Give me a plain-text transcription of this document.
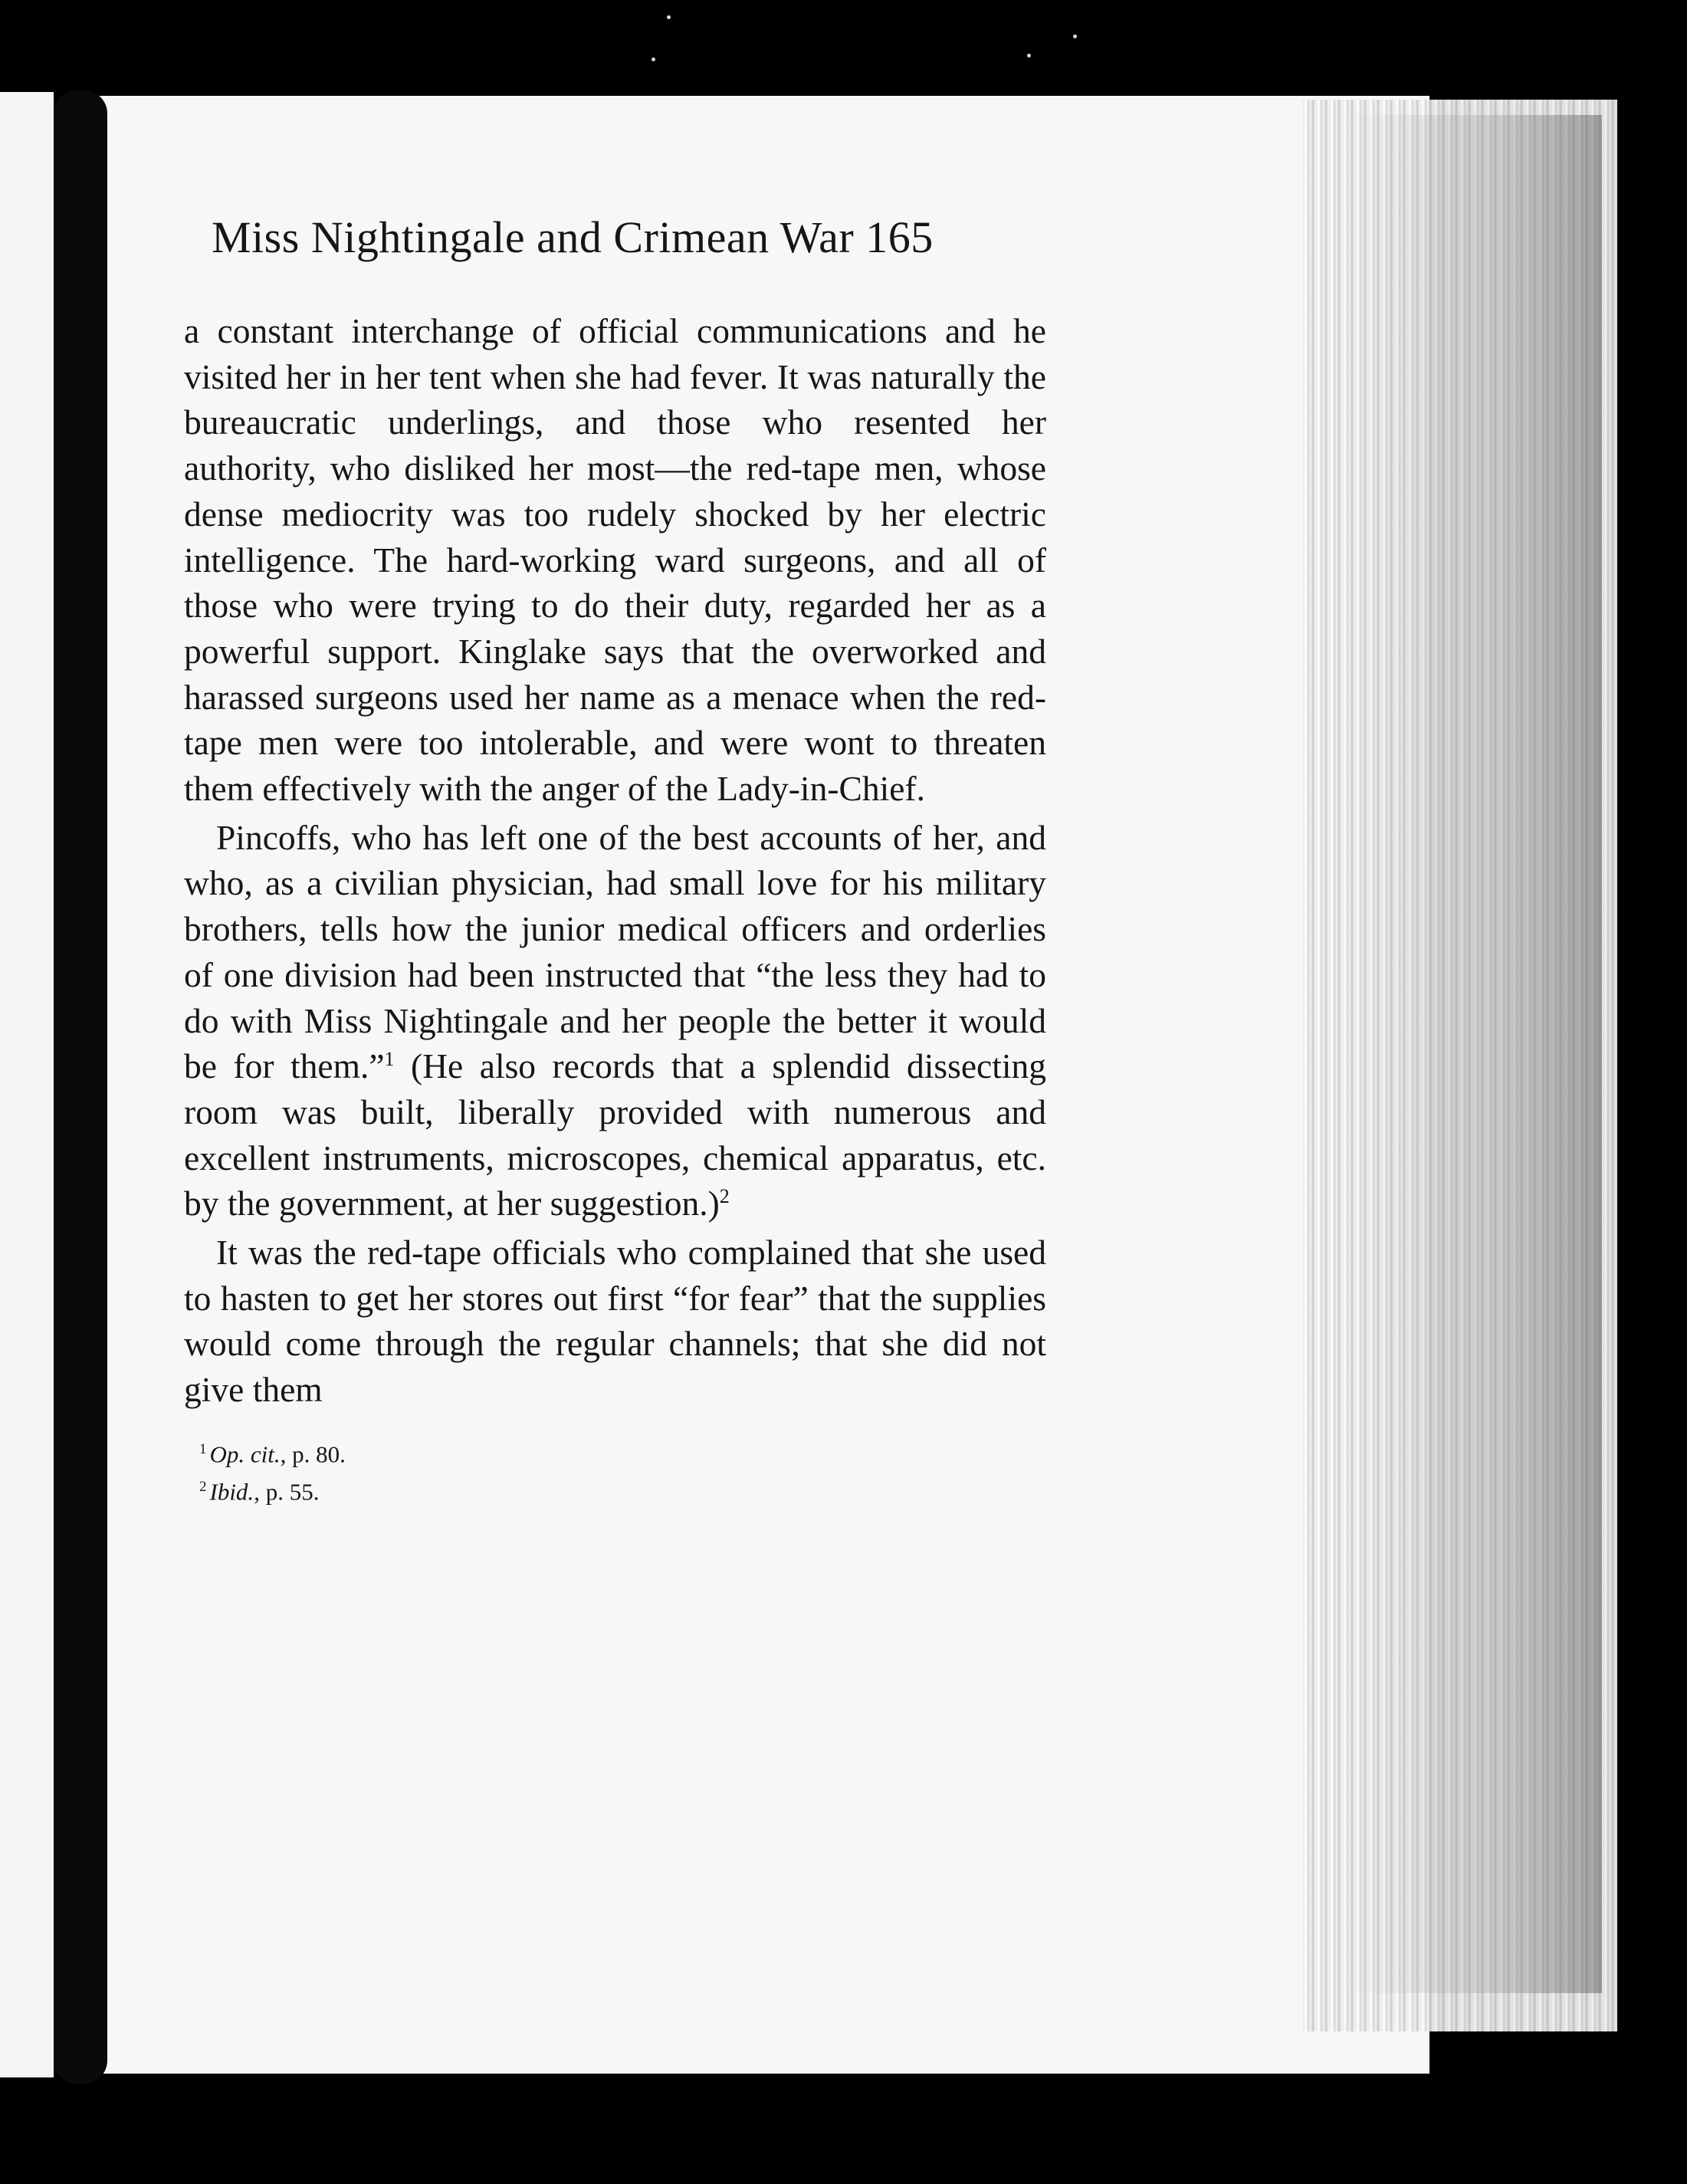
Miss Nightingale and Crimean War 165

a constant interchange of official communications and he visited her in her tent when she had fever. It was naturally the bureaucratic underlings, and those who resented her authority, who disliked her most—the red-tape men, whose dense mediocrity was too rudely shocked by her electric intelligence. The hard-working ward surgeons, and all of those who were trying to do their duty, regarded her as a powerful support. Kinglake says that the overworked and harassed surgeons used her name as a menace when the red-tape men were too intolerable, and were wont to threaten them effectively with the anger of the Lady-in-Chief.

Pincoffs, who has left one of the best accounts of her, and who, as a civilian physician, had small love for his military brothers, tells how the junior medical officers and orderlies of one division had been instructed that “the less they had to do with Miss Nightingale and her people the better it would be for them.”$^1$ (He also records that a splendid dissecting room was built, liberally provided with numerous and excellent instruments, microscopes, chemical apparatus, etc. by the government, at her suggestion.)$^2$

It was the red-tape officials who complained that she used to hasten to get her stores out first “for fear” that the supplies would come through the regular channels; that she did not give them

$^1$ Op. cit., p. 80.

$^2$ Ibid., p. 55.
